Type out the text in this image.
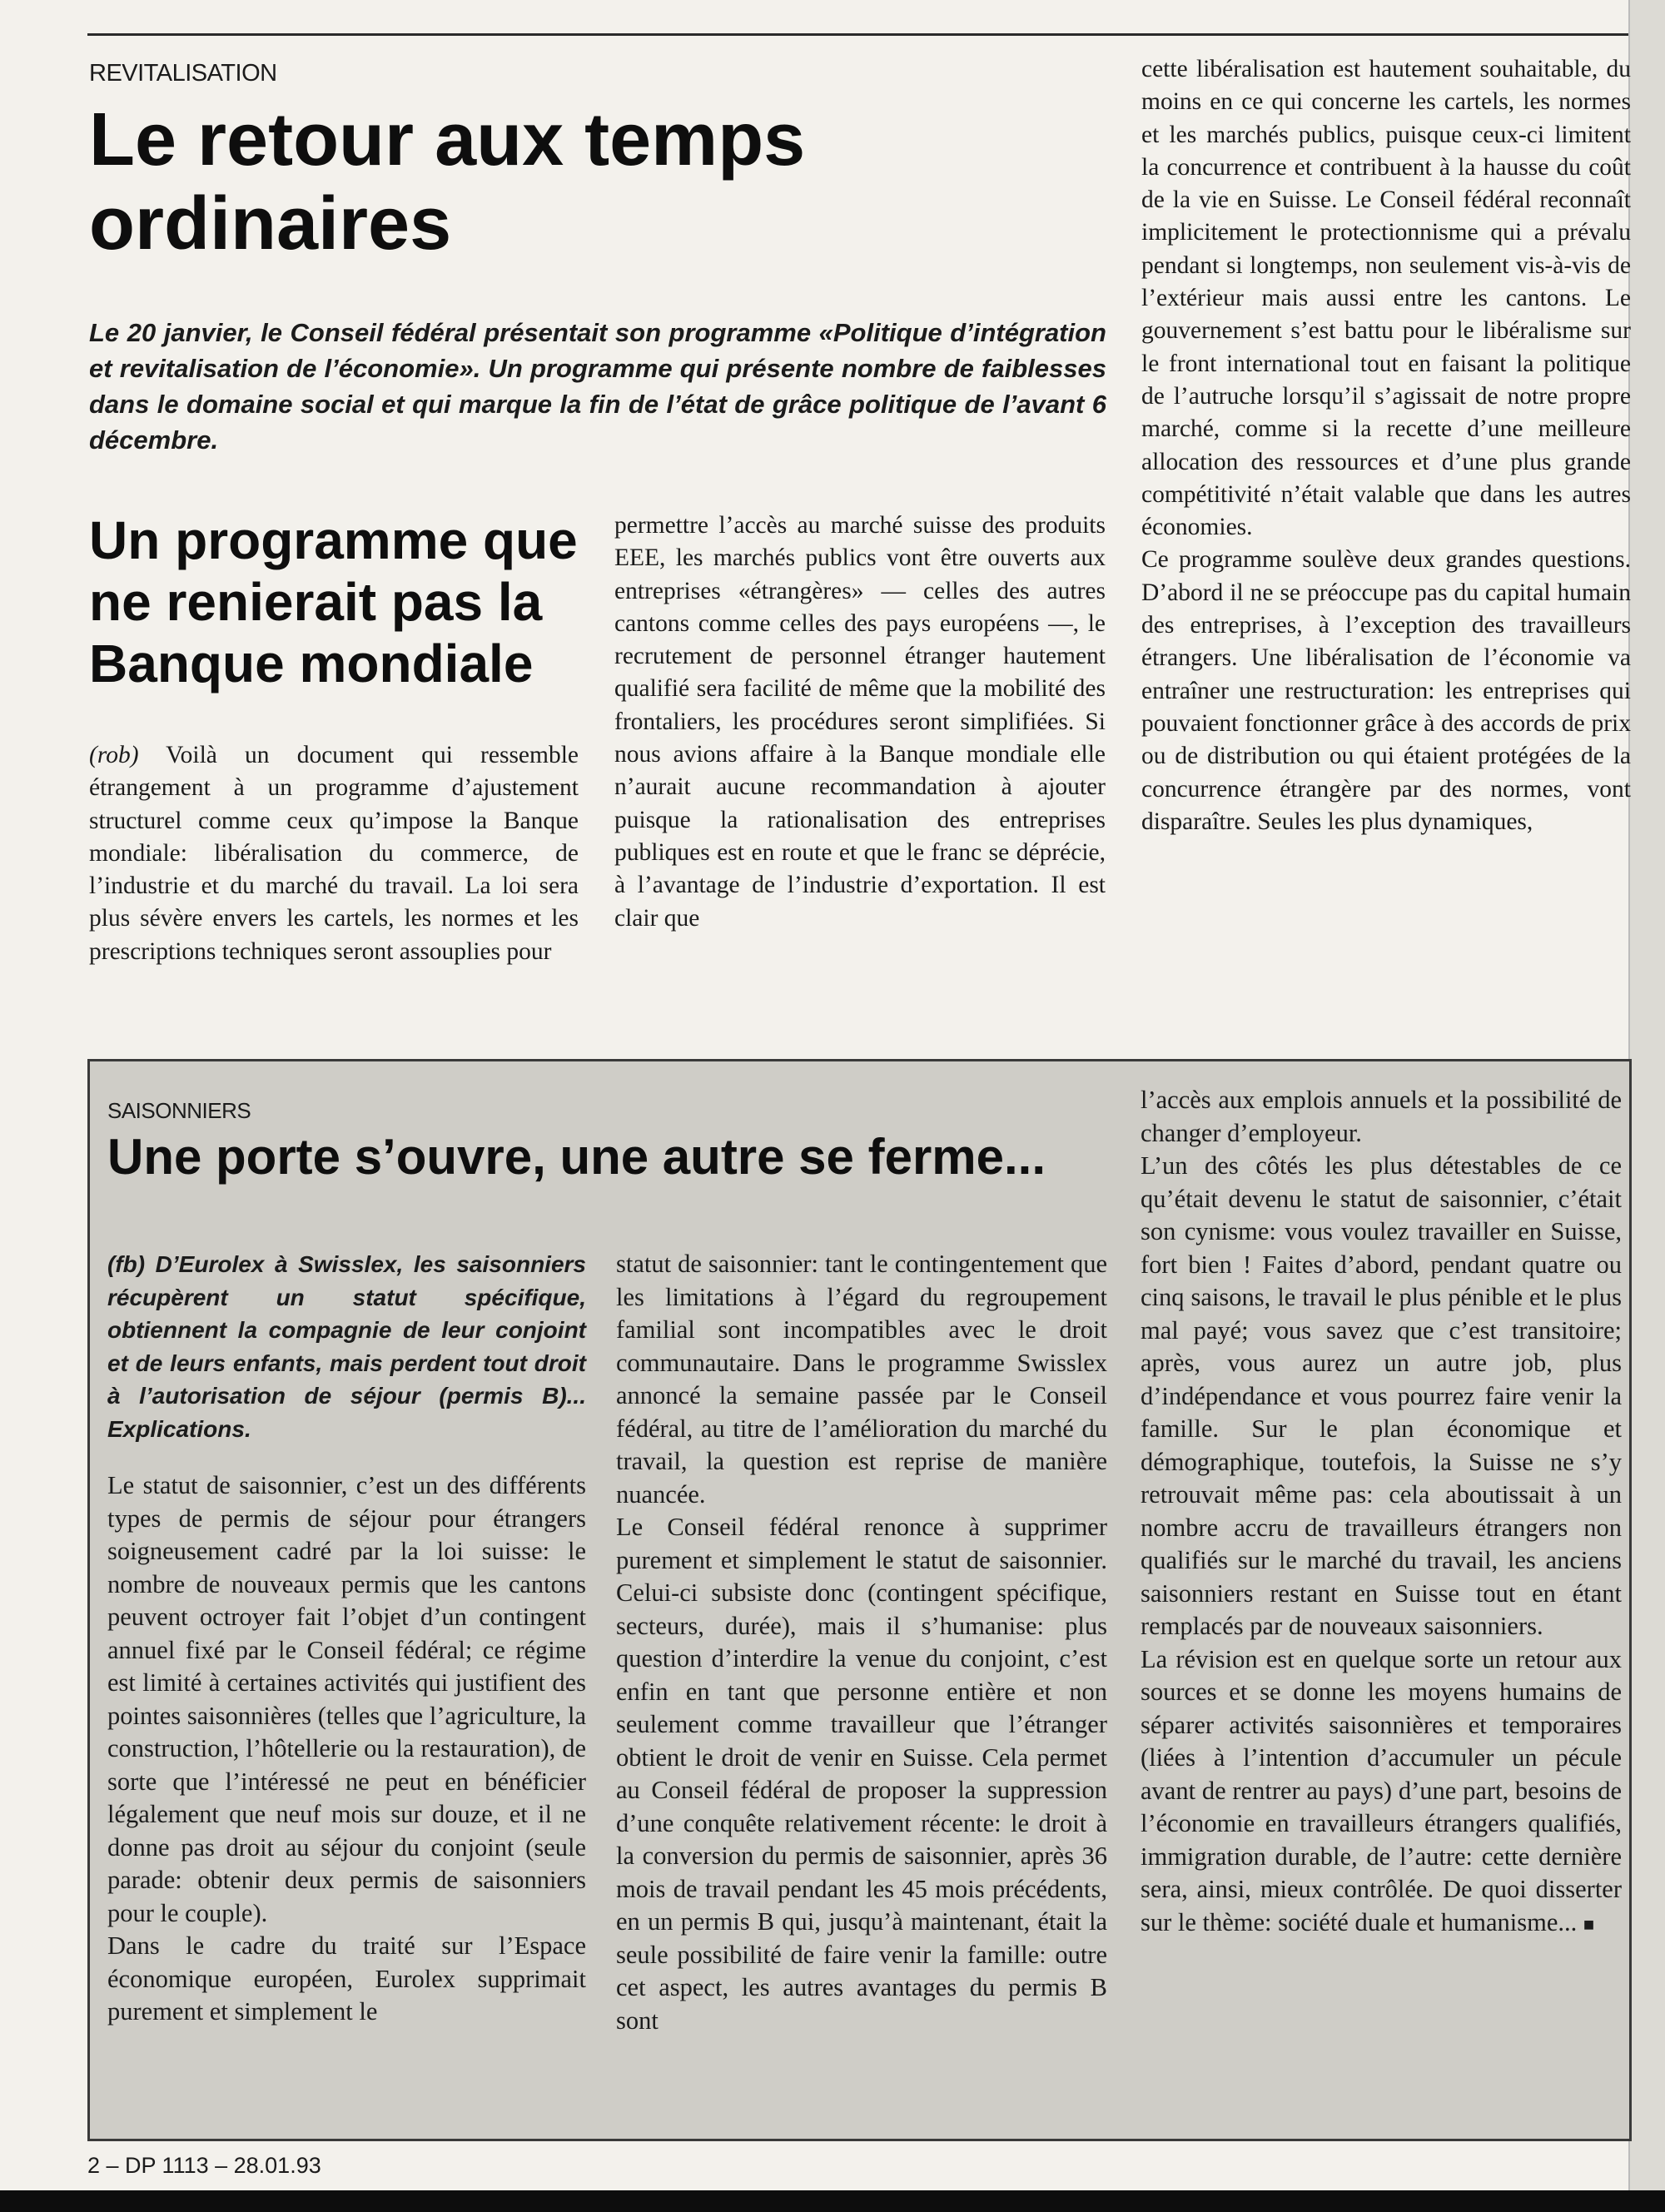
REVITALISATION
Le retour aux temps ordinaires

Le 20 janvier, le Conseil fédéral présentait son programme «Politique d’intégration et revitalisation de l’économie». Un programme qui présente nombre de faiblesses dans le domaine social et qui marque la fin de l’état de grâce politique de l’avant 6 décembre.

Un programme que ne renierait pas la Banque mondiale

(rob) Voilà un document qui ressemble étrangement à un programme d’ajustement structurel comme ceux qu’impose la Banque mondiale: libéralisation du commerce, de l’industrie et du marché du travail. La loi sera plus sévère envers les cartels, les normes et les prescriptions techniques seront assouplies pour

permettre l’accès au marché suisse des produits EEE, les marchés publics vont être ouverts aux entreprises «étrangères» — celles des autres cantons comme celles des pays européens —, le recrutement de personnel étranger hautement qualifié sera facilité de même que la mobilité des frontaliers, les procédures seront simplifiées. Si nous avions affaire à la Banque mondiale elle n’aurait aucune recommandation à ajouter puisque la rationalisation des entreprises publiques est en route et que le franc se déprécie, à l’avantage de l’industrie d’exportation. Il est clair que

cette libéralisation est hautement souhaitable, du moins en ce qui concerne les cartels, les normes et les marchés publics, puisque ceux-ci limitent la concurrence et contribuent à la hausse du coût de la vie en Suisse. Le Conseil fédéral reconnaît implicitement le protectionnisme qui a prévalu pendant si longtemps, non seulement vis-à-vis de l’extérieur mais aussi entre les cantons. Le gouvernement s’est battu pour le libéralisme sur le front international tout en faisant la politique de l’autruche lorsqu’il s’agissait de notre propre marché, comme si la recette d’une meilleure allocation des ressources et d’une plus grande compétitivité n’était valable que dans les autres économies.

Ce programme soulève deux grandes questions. D’abord il ne se préoccupe pas du capital humain des entreprises, à l’exception des travailleurs étrangers. Une libéralisation de l’économie va entraîner une restructuration: les entreprises qui pouvaient fonctionner grâce à des accords de prix ou de distribution ou qui étaient protégées de la concurrence étrangère par des normes, vont disparaître. Seules les plus dynamiques,

SAISONNIERS
Une porte s’ouvre, une autre se ferme...

(fb) D’Eurolex à Swisslex, les saisonniers récupèrent un statut spécifique, obtiennent la compagnie de leur conjoint et de leurs enfants, mais perdent tout droit à l’autorisation de séjour (permis B)... Explications.

Le statut de saisonnier, c’est un des différents types de permis de séjour pour étrangers soigneusement cadré par la loi suisse: le nombre de nouveaux permis que les cantons peuvent octroyer fait l’objet d’un contingent annuel fixé par le Conseil fédéral; ce régime est limité à certaines activités qui justifient des pointes saisonnières (telles que l’agriculture, la construction, l’hôtellerie ou la restauration), de sorte que l’intéressé ne peut en bénéficier légalement que neuf mois sur douze, et il ne donne pas droit au séjour du conjoint (seule parade: obtenir deux permis de saisonniers pour le couple).

Dans le cadre du traité sur l’Espace économique européen, Eurolex supprimait purement et simplement le

statut de saisonnier: tant le contingentement que les limitations à l’égard du regroupement familial sont incompatibles avec le droit communautaire. Dans le programme Swisslex annoncé la semaine passée par le Conseil fédéral, au titre de l’amélioration du marché du travail, la question est reprise de manière nuancée.

Le Conseil fédéral renonce à supprimer purement et simplement le statut de saisonnier. Celui-ci subsiste donc (contingent spécifique, secteurs, durée), mais il s’humanise: plus question d’interdire la venue du conjoint, c’est enfin en tant que personne entière et non seulement comme travailleur que l’étranger obtient le droit de venir en Suisse. Cela permet au Conseil fédéral de proposer la suppression d’une conquête relativement récente: le droit à la conversion du permis de saisonnier, après 36 mois de travail pendant les 45 mois précédents, en un permis B qui, jusqu’à maintenant, était la seule possibilité de faire venir la famille: outre cet aspect, les autres avantages du permis B sont

l’accès aux emplois annuels et la possibilité de changer d’employeur.

L’un des côtés les plus détestables de ce qu’était devenu le statut de saisonnier, c’était son cynisme: vous voulez travailler en Suisse, fort bien ! Faites d’abord, pendant quatre ou cinq saisons, le travail le plus pénible et le plus mal payé; vous savez que c’est transitoire; après, vous aurez un autre job, plus d’indépendance et vous pourrez faire venir la famille. Sur le plan économique et démographique, toutefois, la Suisse ne s’y retrouvait même pas: cela aboutissait à un nombre accru de travailleurs étrangers non qualifiés sur le marché du travail, les anciens saisonniers restant en Suisse tout en étant remplacés par de nouveaux saisonniers.

La révision est en quelque sorte un retour aux sources et se donne les moyens humains de séparer activités saisonnières et temporaires (liées à l’intention d’accumuler un pécule avant de rentrer au pays) d’une part, besoins de l’économie en travailleurs étrangers qualifiés, immigration durable, de l’autre: cette dernière sera, ainsi, mieux contrôlée. De quoi disserter sur le thème: société duale et humanisme... ■

2 – DP 1113 – 28.01.93
